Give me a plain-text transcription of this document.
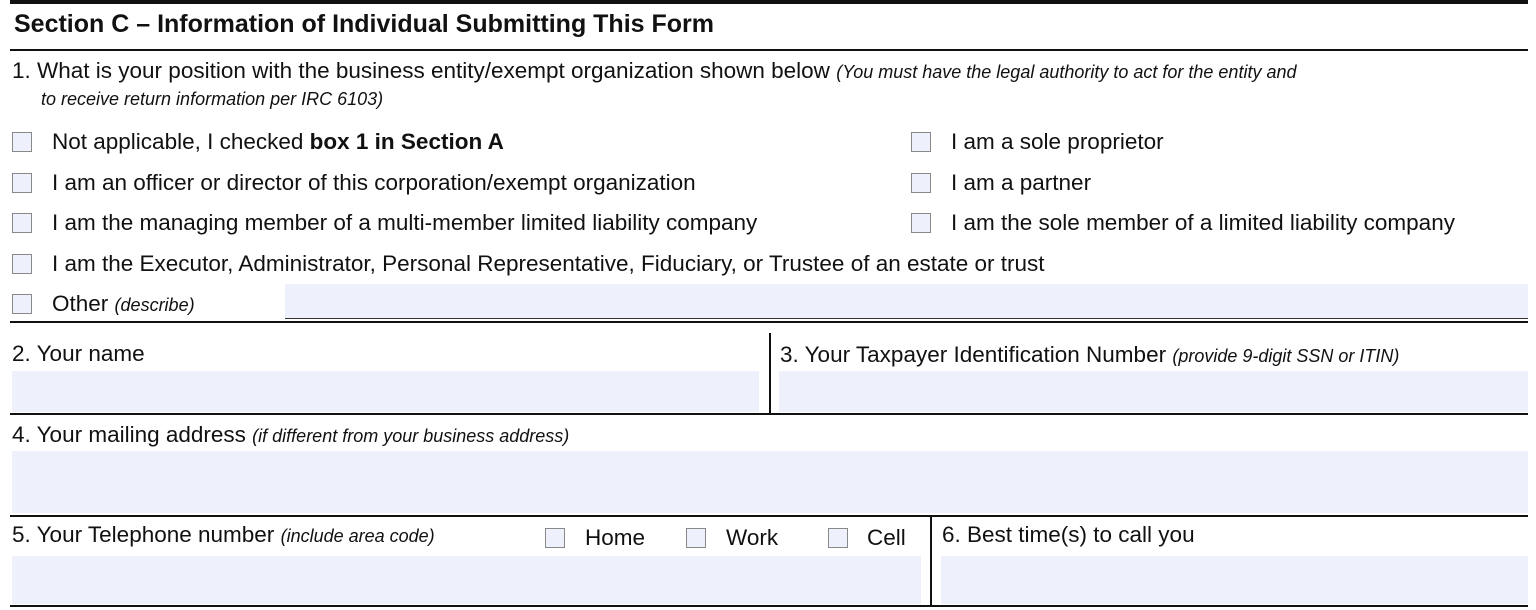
Section C – Information of Individual Submitting This Form
1. What is your position with the business entity/exempt organization shown below (You must have the legal authority to act for the entity and
to receive return information per IRC 6103)
Not applicable, I checked box 1 in Section A
I am an officer or director of this corporation/exempt organization
I am the managing member of a multi-member limited liability company
I am the Executor, Administrator, Personal Representative, Fiduciary, or Trustee of an estate or trust
Other (describe)
I am a sole proprietor
I am a partner
I am the sole member of a limited liability company
2. Your name	3. Your Taxpayer Identification Number (provide 9-digit SSN or ITIN)
4. Your mailing address (if different from your business address)
5. Your Telephone number (include area code)	Home	Work	Cell 6. Best time(s) to call you
